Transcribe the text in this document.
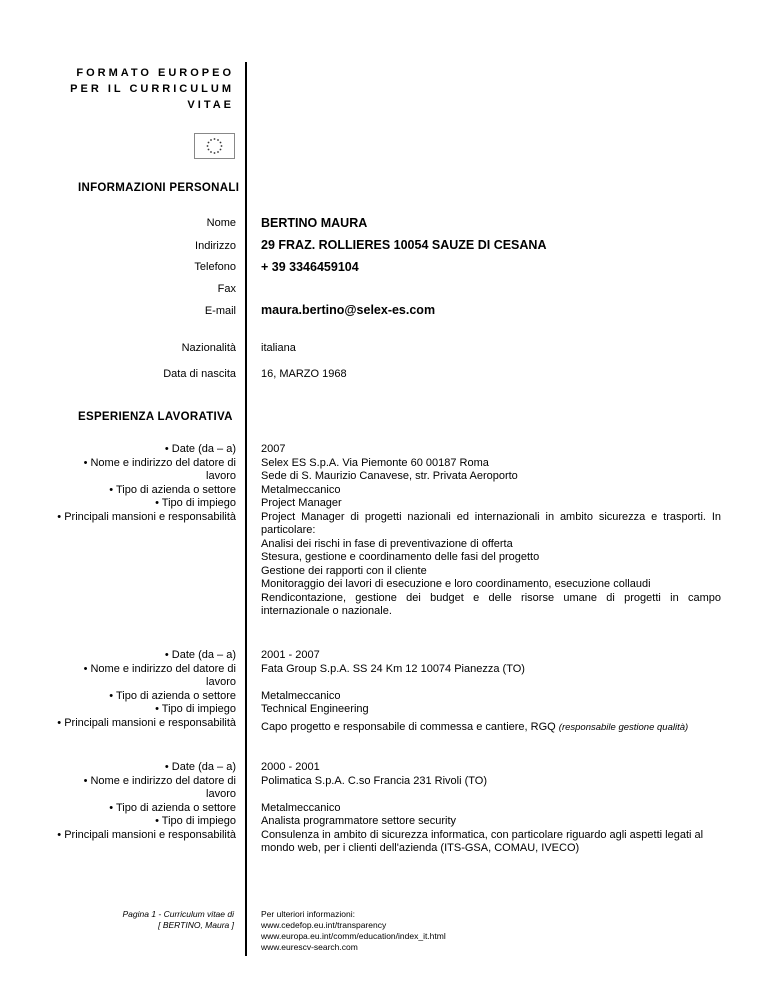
FORMATO EUROPEO
PER IL CURRICULUM
VITAE
INFORMAZIONI PERSONALI
Nome BERTINO MAURA
Indirizzo 29 FRAZ. ROLLIERES 10054 SAUZE DI CESANA
Telefono + 39 3346459104
Fax
E-mail maura.bertino@selex-es.com
Nazionalità italiana
Data di nascita 16, MARZO 1968
ESPERIENZA LAVORATIVA
• Date (da – a)
• Nome e indirizzo del datore di lavoro
• Tipo di azienda o settore
• Tipo di impiego
• Principali mansioni e responsabilità
2007
Selex ES S.p.A. Via Piemonte 60 00187 Roma
Sede di S. Maurizio Canavese, str. Privata Aeroporto
Metalmeccanico
Project Manager
Project Manager di progetti nazionali ed internazionali in ambito sicurezza e trasporti. In particolare:
Analisi dei rischi in fase di preventivazione di offerta
Stesura, gestione e coordinamento delle fasi del progetto
Gestione dei rapporti con il cliente
Monitoraggio dei lavori di esecuzione e loro coordinamento, esecuzione collaudi
Rendicontazione, gestione dei budget e delle risorse umane di progetti in campo internazionale o nazionale.
• Date (da – a)
• Nome e indirizzo del datore di lavoro
• Tipo di azienda o settore
• Tipo di impiego
• Principali mansioni e responsabilità
2001 - 2007
Fata Group S.p.A. SS 24 Km 12 10074 Pianezza (TO)
Metalmeccanico
Technical Engineering
Capo progetto e responsabile di commessa e cantiere, RGQ (responsabile gestione qualità)
• Date (da – a)
• Nome e indirizzo del datore di lavoro
• Tipo di azienda o settore
• Tipo di impiego
• Principali mansioni e responsabilità
2000 - 2001
Polimatica S.p.A. C.so Francia 231 Rivoli (TO)
Metalmeccanico
Analista programmatore settore security
Consulenza in ambito di sicurezza informatica, con particolare riguardo agli aspetti legati al mondo web, per i clienti dell'azienda (ITS-GSA, COMAU, IVECO)
Pagina 1 - Curriculum vitae di
[ BERTINO, Maura ]
Per ulteriori informazioni:
www.cedefop.eu.int/transparency
www.europa.eu.int/comm/education/index_it.html
www.eurescv-search.com
